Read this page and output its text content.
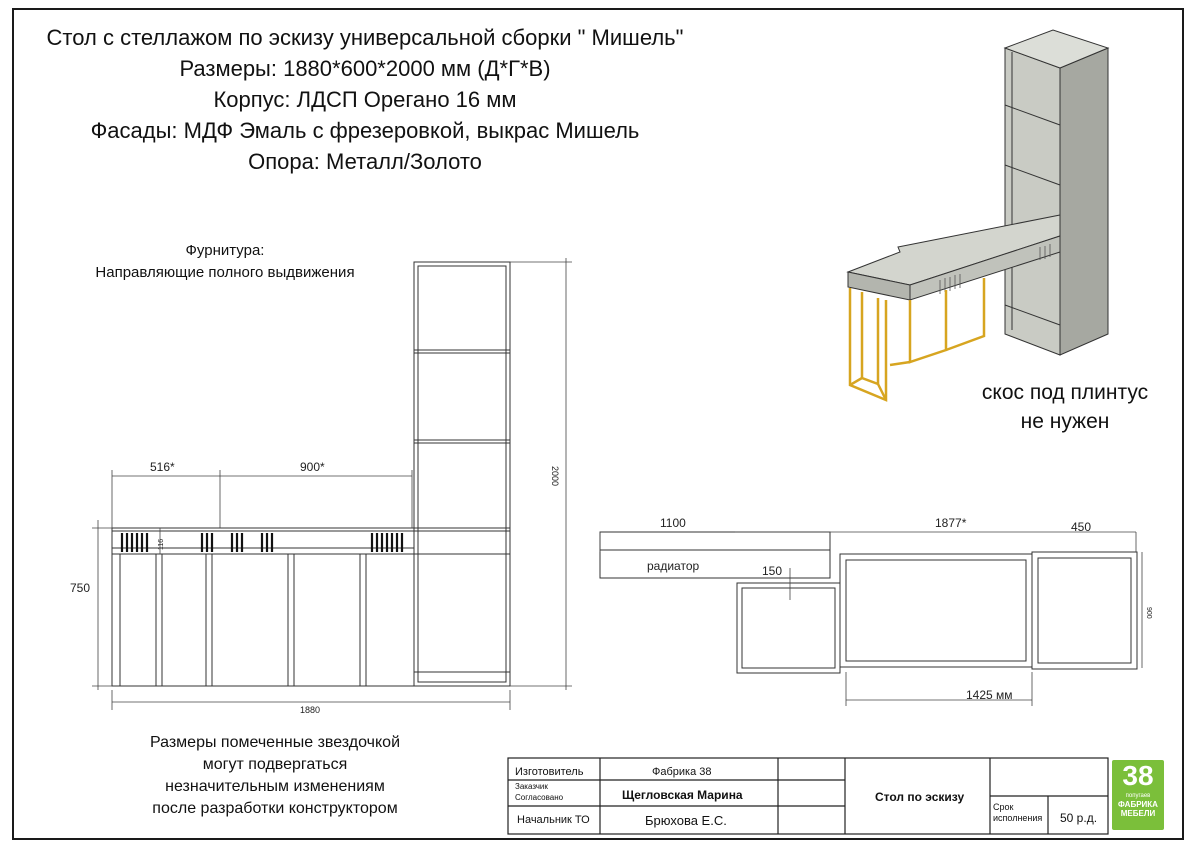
Стол с стеллажом по эскизу универсальной сборки " Мишель"
Размеры: 1880*600*2000 мм (Д*Г*В)
Корпус: ЛДСП Орегано 16 мм
Фасады: МДФ Эмаль с фрезеровкой, выкрас Мишель
Опора: Металл/Золото
Фурнитура:
Направляющие полного выдвижения
скос под плинтус
не нужен
Размеры помеченные звездочкой
могут подвергаться
незначительным изменениям
после разработки конструктором
516*	900*
750
1880
116
2000
1100	1877*	450
радиатор	150
900
1425 мм
Изготовитель	Фабрика 38
Заказчик
Согласовано	Щегловская Марина
Начальник ТО	Брюхова Е.С.
Стол по эскизу
Срок
исполнения 50 р.д.
38
попугаев
ФАБРИКА
МЕБЕЛИ
